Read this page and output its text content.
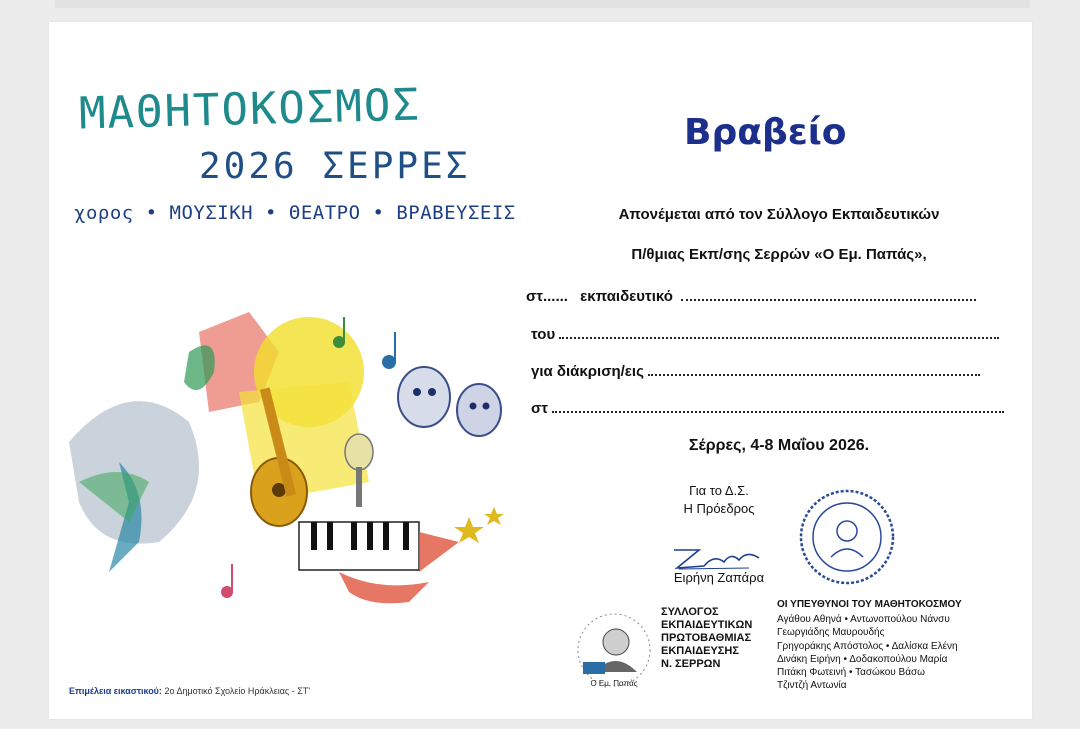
ΜΑΘΗΤΟΚΟΣΜΟΣ
2026 ΣΕΡΡΕΣ
χορος • ΜΟΥΣΙΚΗ • ΘΕΑΤΡΟ • ΒΡΑΒΕΥΣΕΙΣ
Επιμέλεια εικαστικού: 2ο Δημοτικό Σχολείο Ηράκλειας - ΣΤ'
Βραβείο
Απονέμεται από τον Σύλλογο Εκπαιδευτικών
Π/θμιας Εκπ/σης Σερρών «Ο Εμ. Παπάς»,
στ...... εκπαιδευτικό
του
για διάκριση/εις
στ
Σέρρες, 4-8 Μαΐου 2026.
Για το Δ.Σ.
Η Πρόεδρος
Ειρήνη Ζαπάρα
Ο Εμ. Παπάς
ΣΥΛΛΟΓΟΣ
ΕΚΠΑΙΔΕΥΤΙΚΩΝ
ΠΡΩΤΟΒΑΘΜΙΑΣ
ΕΚΠΑΙΔΕΥΣΗΣ
Ν. ΣΕΡΡΩΝ
ΟΙ ΥΠΕΥΘΥΝΟΙ ΤΟΥ ΜΑΘΗΤΟΚΟΣΜΟΥ
Αγάθου Αθηνά • Αντωνοπούλου Νάνσυ
Γεωργιάδης Μαυρουδής
Γρηγοράκης Απόστολος • Δαλίσκα Ελένη
Δινάκη Ειρήνη • Δοδακοπούλου Μαρία
Πιτάκη Φωτεινή • Τασώκου Βάσω
Τζιντζή Αντωνία
